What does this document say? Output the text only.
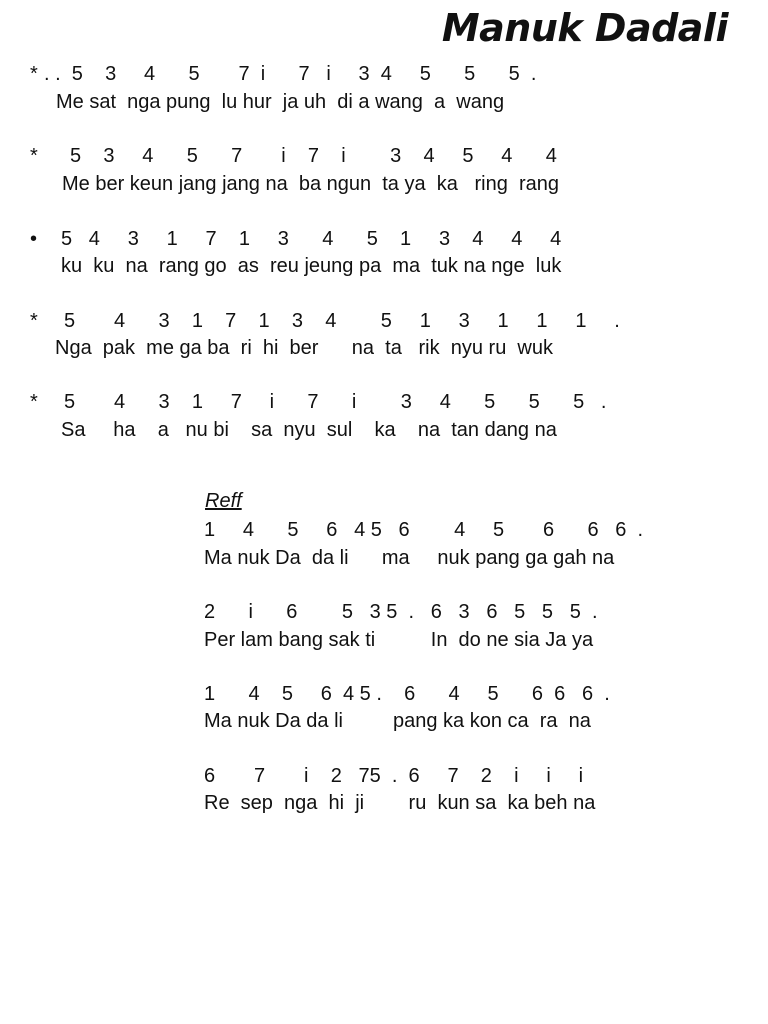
Manuk Dadali
* . .  5    3     4      5       7  i      7   i     3  4     5      5      5  .
Me sat  nga pung  lu hur  ja uh  di a wang  a  wang
* 5    3     4      5      7       i    7    i        3    4     5     4      4
Me ber keun jang jang na  ba ngun  ta ya  ka   ring  rang
• 5   4     3     1     7    1     3      4      5    1     3    4     4     4
ku  ku  na  rang go  as  reu jeung pa  ma  tuk na nge  luk
* 5       4      3    1    7    1    3    4        5     1     3     1     1     1     .
Nga  pak  me ga ba  ri  hi  ber      na  ta   rik  nyu ru  wuk
* 5       4      3    1     7     i      7      i        3     4      5      5      5   .
Sa     ha    a   nu bi    sa  nyu  sul    ka    na  tan dang na
Reff
1     4      5     6   4 5   6        4     5       6      6   6  .
Ma nuk Da  da li      ma     nuk pang ga gah na
2      i      6        5   3 5  .   6   3   6   5   5   5  .
Per lam bang sak ti          In  do ne sia Ja ya
1      4    5     6  4 5 .    6      4     5      6  6   6  .
Ma nuk Da da li         pang ka kon ca  ra  na
6       7       i    2   75  .  6     7    2    i     i     i
Re  sep  nga  hi  ji        ru  kun sa  ka beh na
